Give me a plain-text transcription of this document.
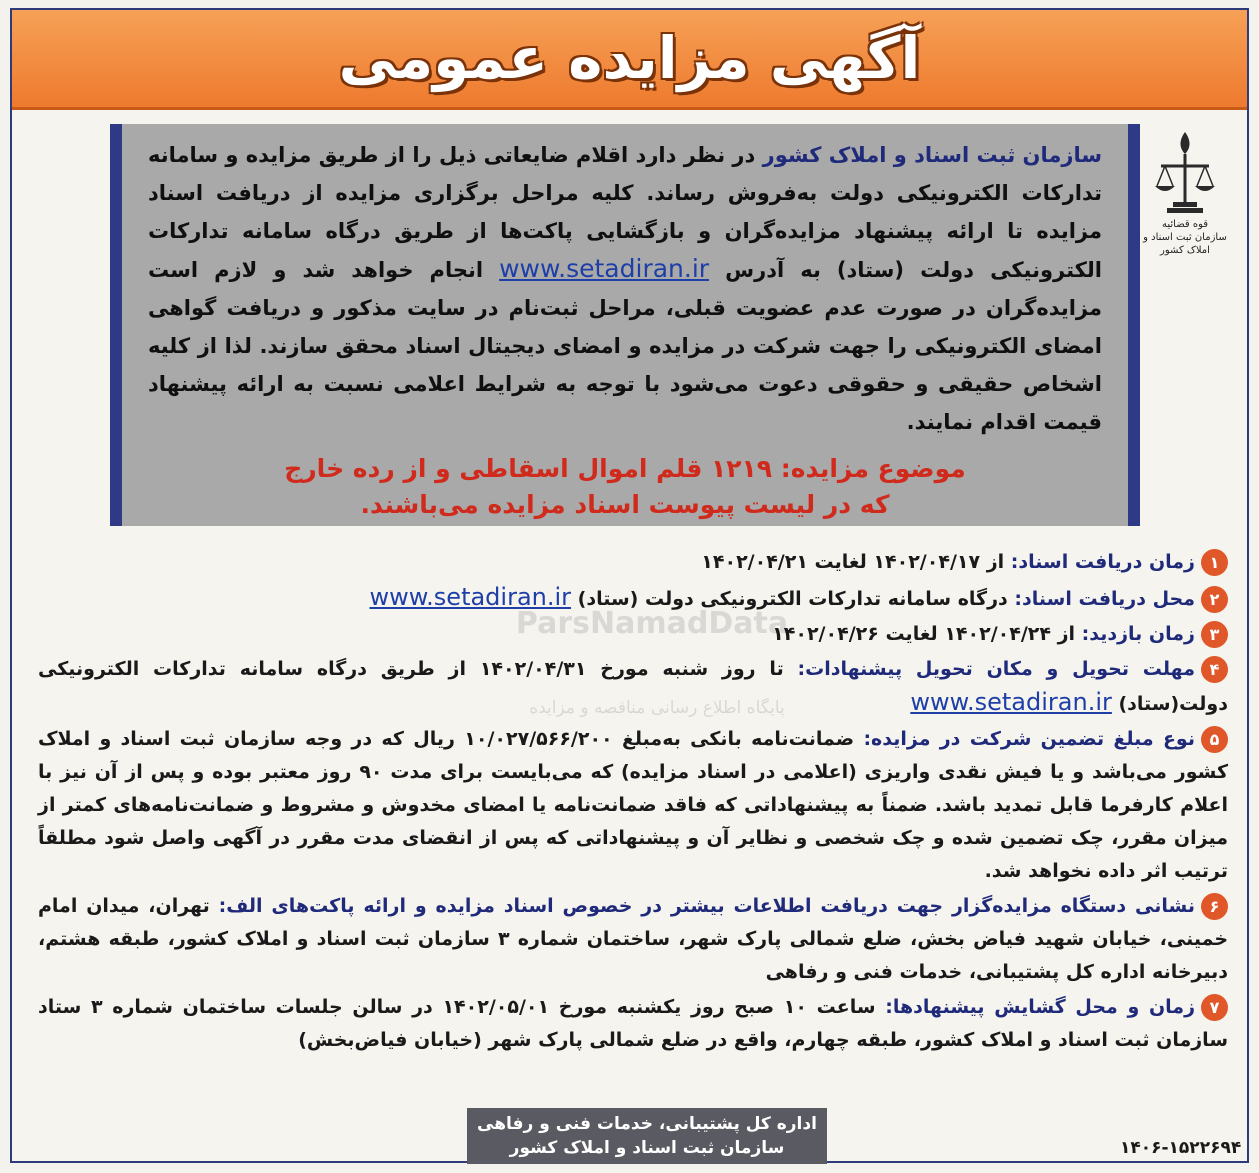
آگهی مزایده عمومی
قوه قضائیه
سازمان ثبت اسناد و املاک کشور

سازمان ثبت اسناد و املاک کشور در نظر دارد اقلام ضایعاتی ذیل را از طریق مزایده و سامانه تدارکات الکترونیکی دولت به‌فروش رساند. کلیه مراحل برگزاری مزایده از دریافت اسناد مزایده تا ارائه پیشنهاد مزایده‌گران و بازگشایی پاکت‌ها از طریق درگاه سامانه تدارکات الکترونیکی دولت (ستاد) به آدرس www.setadiran.ir انجام خواهد شد و لازم است مزایده‌گران در صورت عدم عضویت قبلی، مراحل ثبت‌نام در سایت مذکور و دریافت گواهی امضای الکترونیکی را جهت شرکت در مزایده و امضای دیجیتال اسناد محقق سازند. لذا از کلیه اشخاص حقیقی و حقوقی دعوت می‌شود با توجه به شرایط اعلامی نسبت به ارائه پیشنهاد قیمت اقدام نمایند.

موضوع مزایده: ۱۲۱۹ قلم اموال اسقاطی و از رده خارج
که در لیست پیوست اسناد مزایده می‌باشند.
ParsNamadData
پایگاه اطلاع رسانی مناقصه و مزایده
۱زمان دریافت اسناد: از ۱۴۰۲/۰۴/۱۷ لغایت ۱۴۰۲/۰۴/۲۱
۲محل دریافت اسناد: درگاه سامانه تدارکات الکترونیکی دولت (ستاد) www.setadiran.ir
۳زمان بازدید: از ۱۴۰۲/۰۴/۲۴ لغایت ۱۴۰۲/۰۴/۲۶
۴مهلت تحویل و مکان تحویل پیشنهادات: تا روز شنبه مورخ ۱۴۰۲/۰۴/۳۱ از طریق درگاه سامانه تدارکات الکترونیکی دولت(ستاد) www.setadiran.ir
۵نوع مبلغ تضمین شرکت در مزایده: ضمانت‌نامه بانکی به‌مبلغ ۱۰/۰۲۷/۵۶۶/۲۰۰ ریال که در وجه سازمان ثبت اسناد و املاک کشور می‌باشد و یا فیش نقدی واریزی (اعلامی در اسناد مزایده) که می‌بایست برای مدت ۹۰ روز معتبر بوده و پس از آن نیز با اعلام کارفرما قابل تمدید باشد. ضمناً به پیشنهاداتی که فاقد ضمانت‌نامه یا امضای مخدوش و مشروط و ضمانت‌نامه‌های کمتر از میزان مقرر، چک تضمین شده و چک شخصی و نظایر آن و پیشنهاداتی که پس از انقضای مدت مقرر در آگهی واصل شود مطلقاً ترتیب اثر داده نخواهد شد.
۶نشانی دستگاه مزایده‌گزار جهت دریافت اطلاعات بیشتر در خصوص اسناد مزایده و ارائه پاکت‌های الف: تهران، میدان امام خمینی، خیابان شهید فیاض بخش، ضلع شمالی پارک شهر، ساختمان شماره ۳ سازمان ثبت اسناد و املاک کشور، طبقه هشتم، دبیرخانه اداره کل پشتیبانی، خدمات فنی و رفاهی
۷زمان و محل گشایش پیشنهادها: ساعت ۱۰ صبح روز یکشنبه مورخ ۱۴۰۲/۰۵/۰۱ در سالن جلسات ساختمان شماره ۳ ستاد سازمان ثبت اسناد و املاک کشور، طبقه چهارم، واقع در ضلع شمالی پارک شهر (خیابان فیاض‌بخش)
اداره کل پشتیبانی، خدمات فنی و رفاهی
سازمان ثبت اسناد و املاک کشور	۱۴۰۶-۱۵۲۲۶۹۴
